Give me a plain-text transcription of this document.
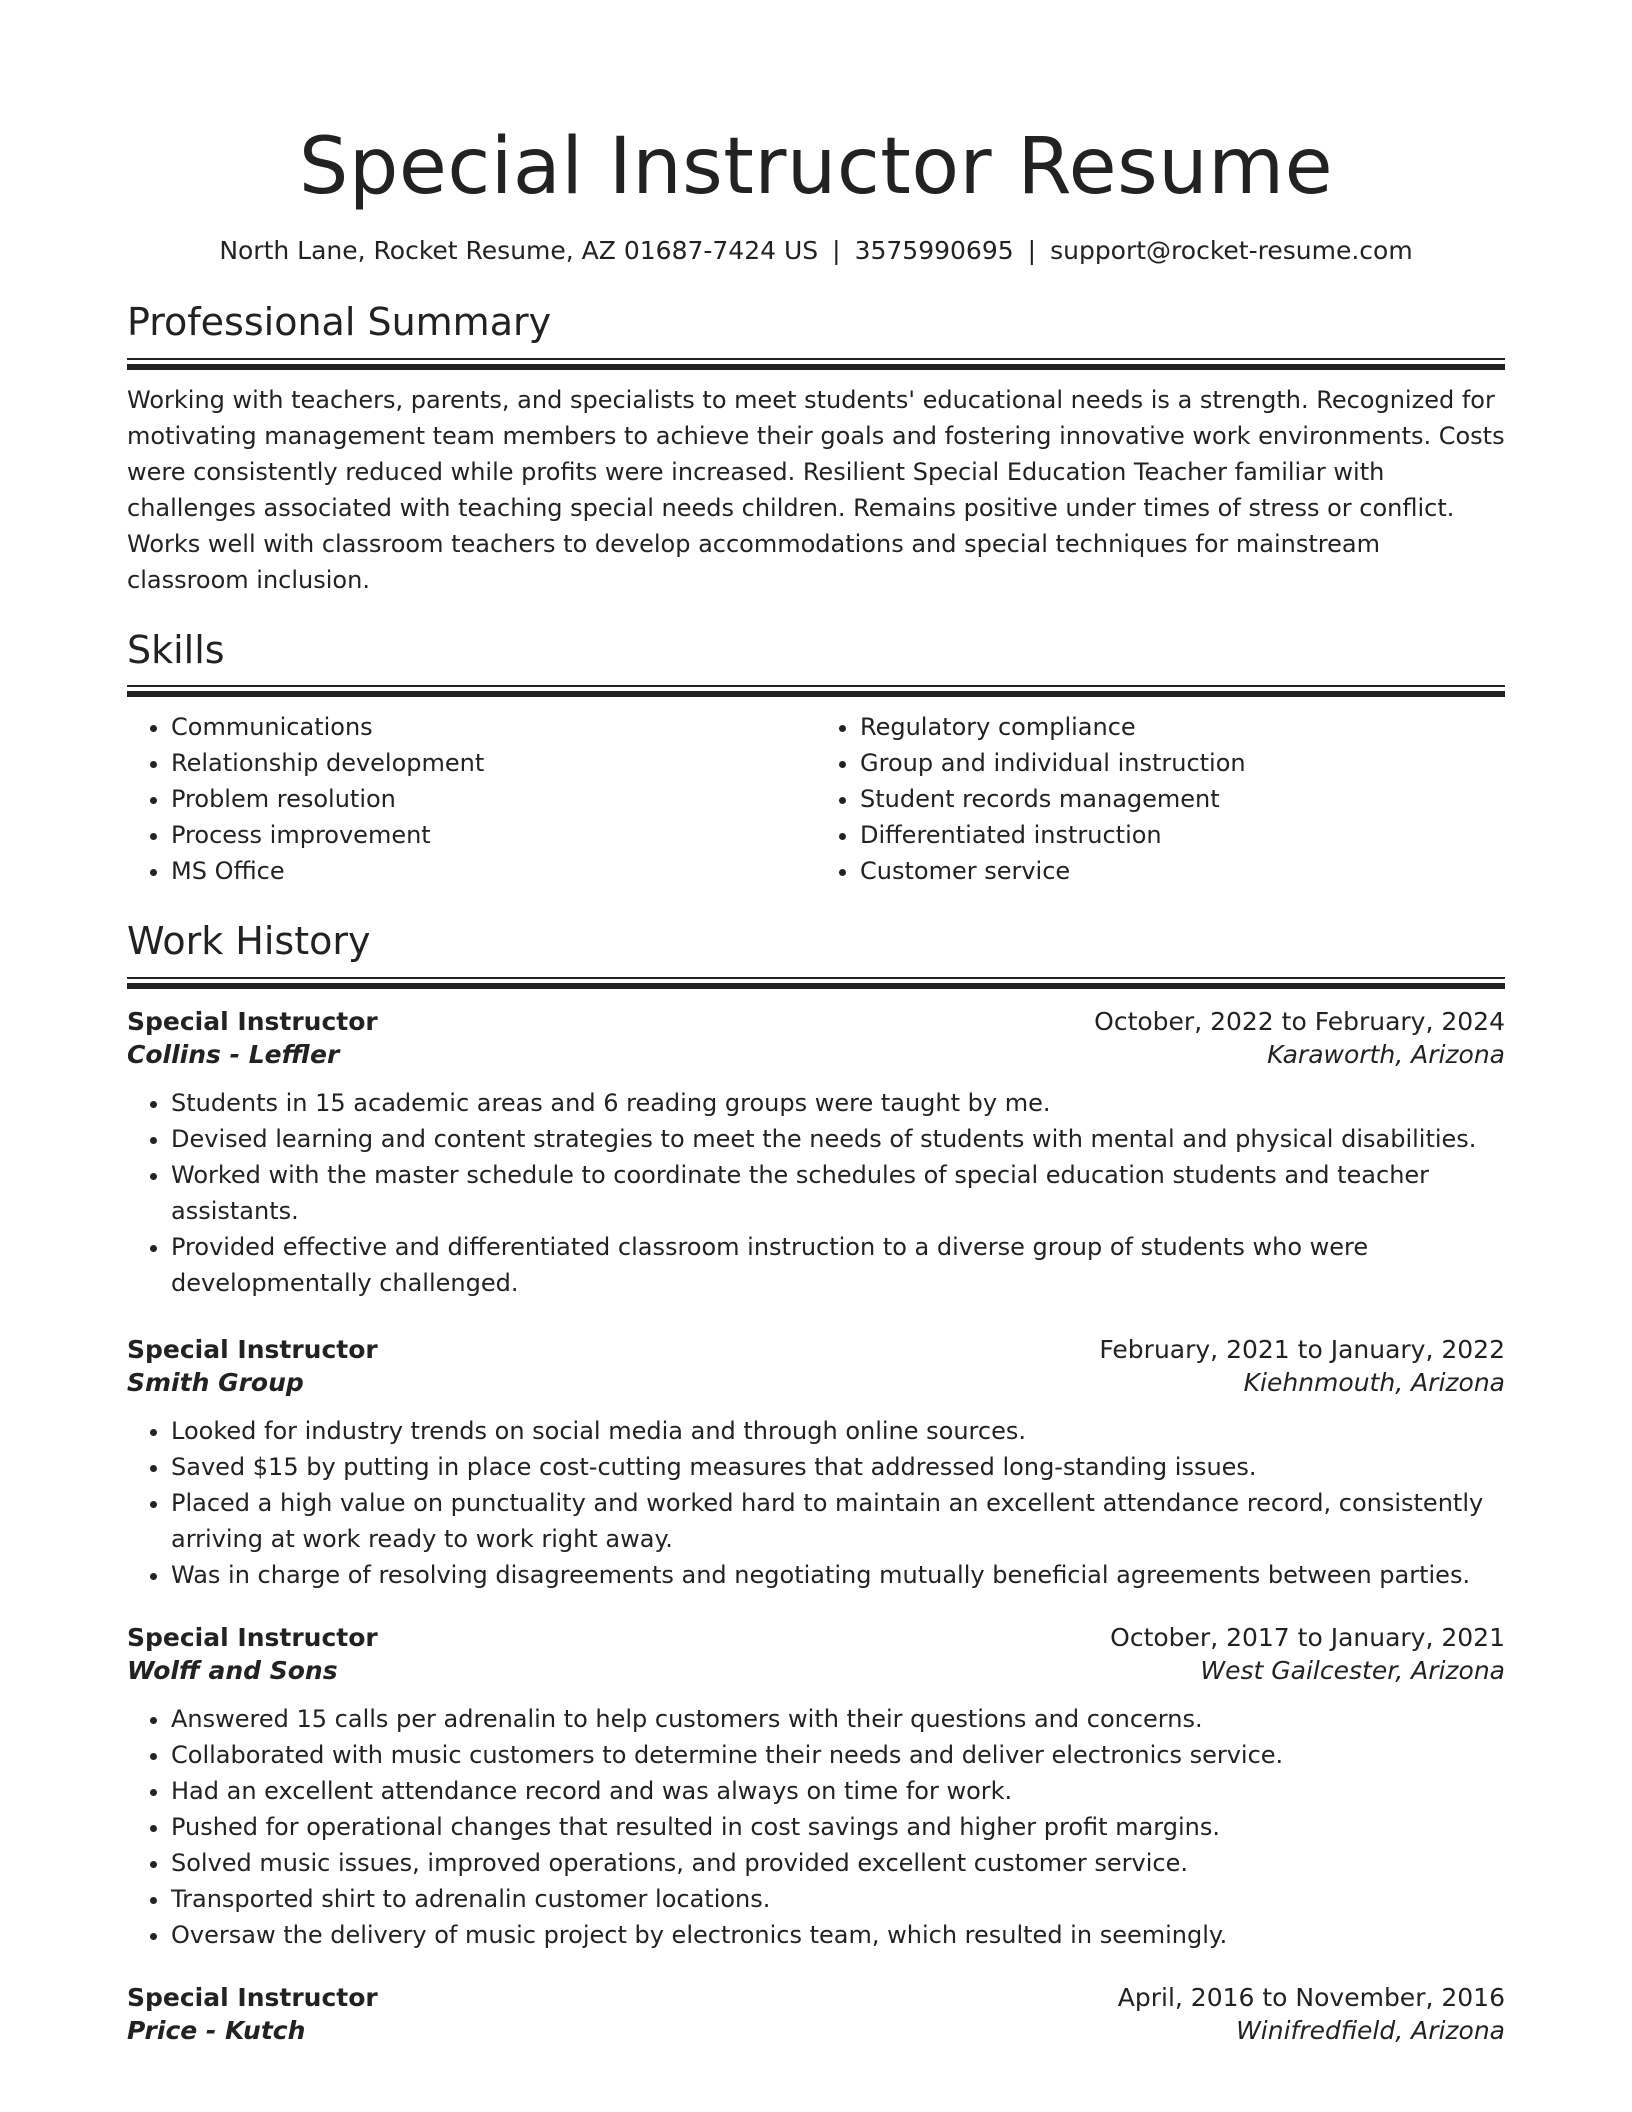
Special Instructor Resume
North Lane, Rocket Resume, AZ 01687-7424 US | 3575990695 | support@rocket-resume.com
Professional Summary

Working with teachers, parents, and specialists to meet students' educational needs is a strength. Recognized for motivating management team members to achieve their goals and fostering innovative work environments. Costs were consistently reduced while profits were increased. Resilient Special Education Teacher familiar with challenges associated with teaching special needs children. Remains positive under times of stress or conflict. Works well with classroom teachers to develop accommodations and special techniques for mainstream classroom inclusion.

Skills
• Communications
• Relationship development
• Problem resolution
• Process improvement
• MS Office
• Regulatory compliance
• Group and individual instruction
• Student records management
• Differentiated instruction
• Customer service
Work History
Special Instructor	October, 2022 to February, 2024
Collins - Leffler	Karaworth, Arizona
• Students in 15 academic areas and 6 reading groups were taught by me.
• Devised learning and content strategies to meet the needs of students with mental and physical disabilities.
• Worked with the master schedule to coordinate the schedules of special education students and teacher assistants.
• Provided effective and differentiated classroom instruction to a diverse group of students who were developmentally challenged.
Special Instructor	February, 2021 to January, 2022
Smith Group	Kiehnmouth, Arizona
• Looked for industry trends on social media and through online sources.
• Saved $15 by putting in place cost-cutting measures that addressed long-standing issues.
• Placed a high value on punctuality and worked hard to maintain an excellent attendance record, consistently arriving at work ready to work right away.
• Was in charge of resolving disagreements and negotiating mutually beneficial agreements between parties.
Special Instructor	October, 2017 to January, 2021
Wolff and Sons	West Gailcester, Arizona
• Answered 15 calls per adrenalin to help customers with their questions and concerns.
• Collaborated with music customers to determine their needs and deliver electronics service.
• Had an excellent attendance record and was always on time for work.
• Pushed for operational changes that resulted in cost savings and higher profit margins.
• Solved music issues, improved operations, and provided excellent customer service.
• Transported shirt to adrenalin customer locations.
• Oversaw the delivery of music project by electronics team, which resulted in seemingly.
Special Instructor	April, 2016 to November, 2016
Price - Kutch	Winifredfield, Arizona
